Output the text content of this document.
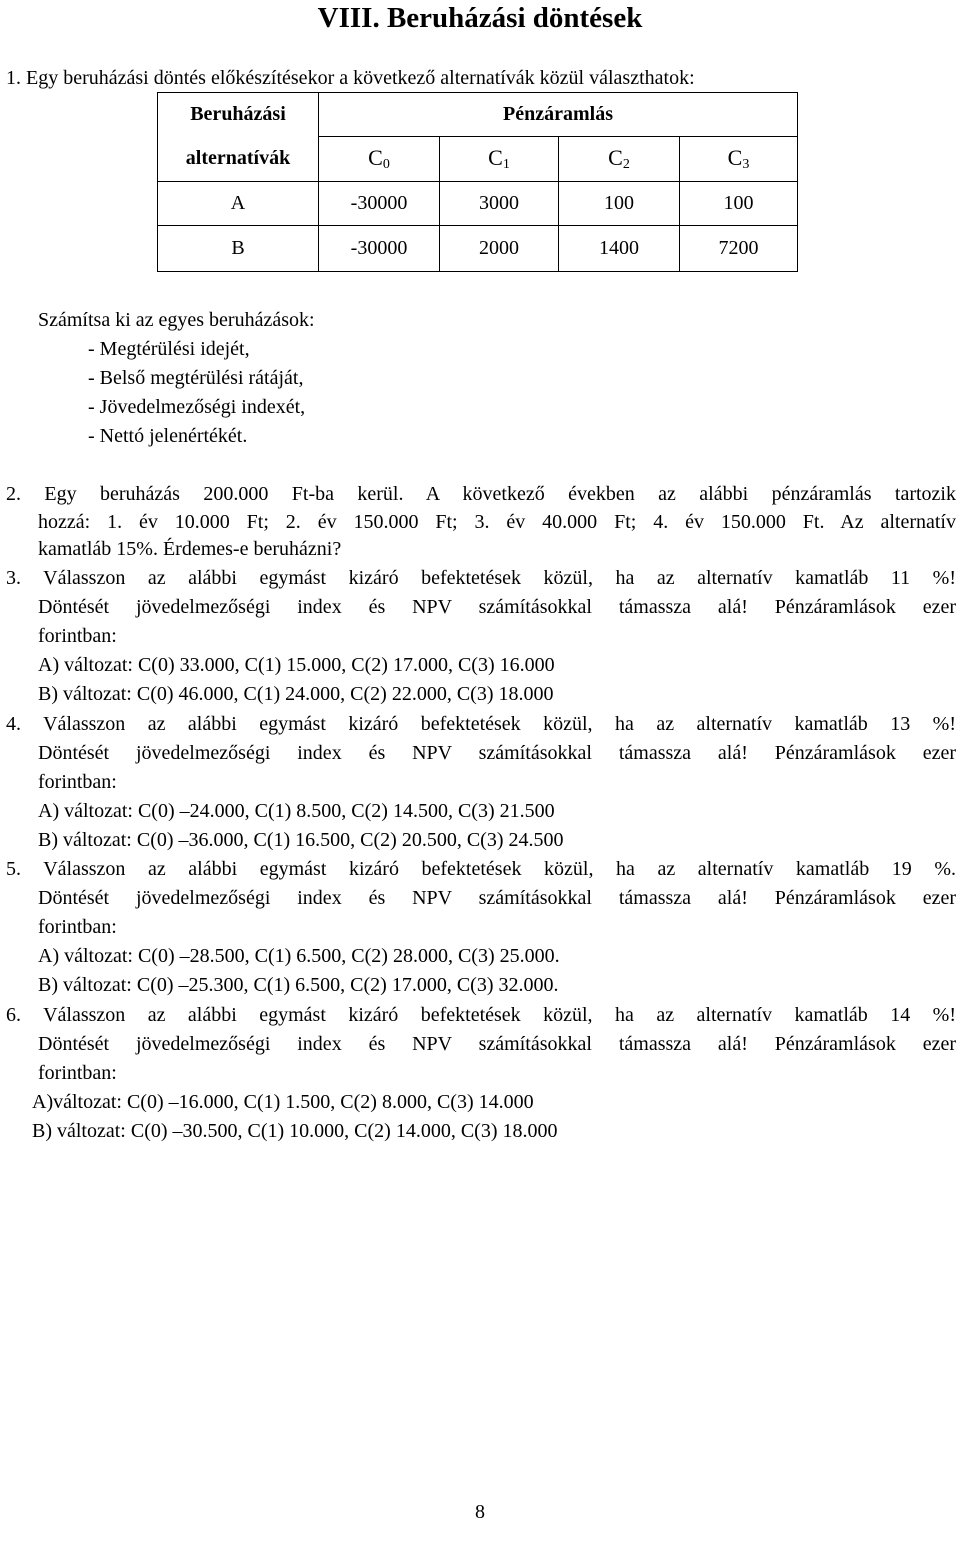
VIII. Beruházási döntések
1. Egy beruházási döntés előkészítésekor a következő alternatívák közül választhatok:
Beruházási	Pénzáramlás			
alternatívák	$C_0$	$C_1$	$C_2$	$C_3$
A	-30000	3000	100	100
B	-30000	2000	1400	7200
Számítsa ki az egyes beruházások:
- Megtérülési idejét,
- Belső megtérülési rátáját,
- Jövedelmezőségi indexét,
- Nettó jelenértékét.
2. Egy beruházás 200.000 Ft-ba kerül. A következő években az alábbi pénzáramlás tartozik
hozzá: 1. év 10.000 Ft; 2. év 150.000 Ft; 3. év 40.000 Ft; 4. év 150.000 Ft. Az alternatív
kamatláb 15%. Érdemes-e beruházni?
3. Válasszon az alábbi egymást kizáró befektetések közül, ha az alternatív kamatláb 11 %!
Döntését jövedelmezőségi index és NPV számításokkal támassza alá! Pénzáramlások ezer
forintban:
A) változat: C(0) 33.000, C(1) 15.000, C(2) 17.000, C(3) 16.000
B) változat: C(0) 46.000, C(1) 24.000, C(2) 22.000, C(3) 18.000
4. Válasszon az alábbi egymást kizáró befektetések közül, ha az alternatív kamatláb 13 %!
Döntését jövedelmezőségi index és NPV számításokkal támassza alá! Pénzáramlások ezer
forintban:
A) változat: C(0) –24.000, C(1) 8.500, C(2) 14.500, C(3) 21.500
B) változat: C(0) –36.000, C(1) 16.500, C(2) 20.500, C(3) 24.500
5. Válasszon az alábbi egymást kizáró befektetések közül, ha az alternatív kamatláb 19 %.
Döntését jövedelmezőségi index és NPV számításokkal támassza alá! Pénzáramlások ezer
forintban:
A) változat: C(0) –28.500, C(1) 6.500, C(2) 28.000, C(3) 25.000.
B) változat: C(0) –25.300, C(1) 6.500, C(2) 17.000, C(3) 32.000.
6. Válasszon az alábbi egymást kizáró befektetések közül, ha az alternatív kamatláb 14 %!
Döntését jövedelmezőségi index és NPV számításokkal támassza alá! Pénzáramlások ezer
forintban:
A)változat: C(0) –16.000, C(1) 1.500, C(2) 8.000, C(3) 14.000
B) változat: C(0) –30.500, C(1) 10.000, C(2) 14.000, C(3) 18.000
8
